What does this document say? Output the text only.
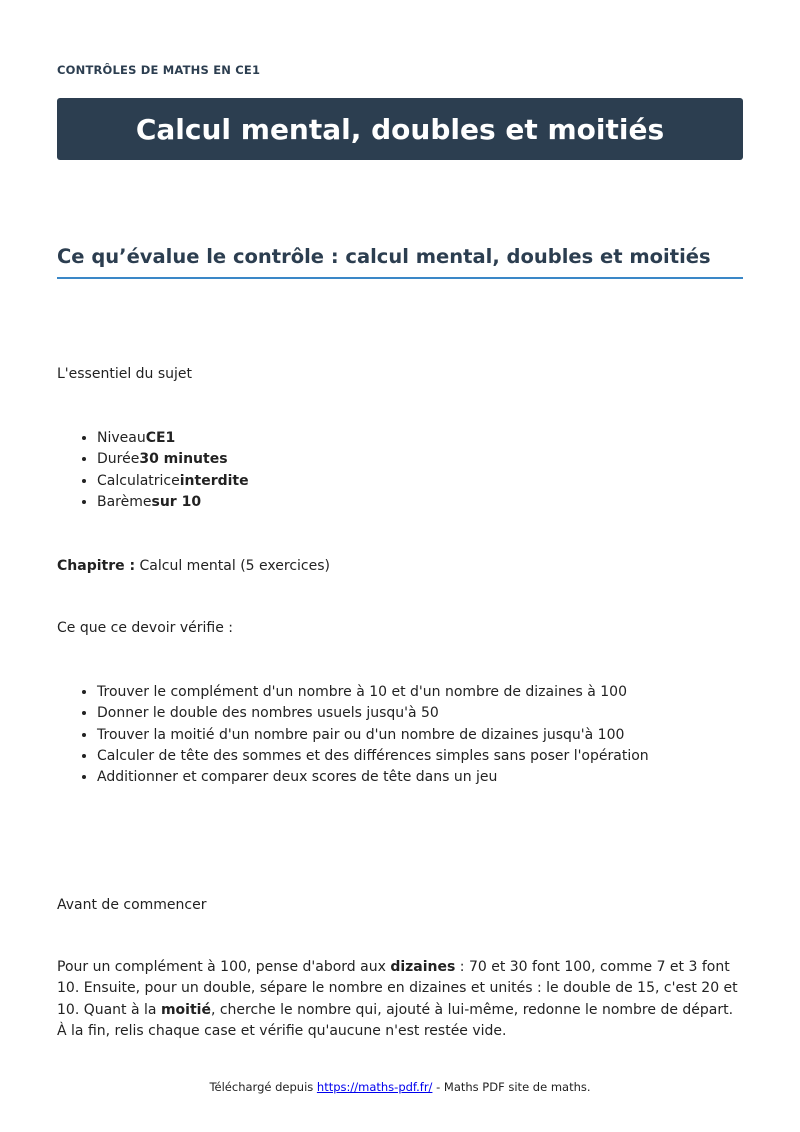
CONTRÔLES DE MATHS EN CE1
Calcul mental, doubles et moitiés
Ce qu’évalue le contrôle : calcul mental, doubles et moitiés

L'essentiel du sujet

• NiveauCE1
• Durée30 minutes
• Calculatriceinterdite
• Barèmesur 10

Chapitre : Calcul mental (5 exercices)

Ce que ce devoir vérifie :

• Trouver le complément d'un nombre à 10 et d'un nombre de dizaines à 100
• Donner le double des nombres usuels jusqu'à 50
• Trouver la moitié d'un nombre pair ou d'un nombre de dizaines jusqu'à 100
• Calculer de tête des sommes et des différences simples sans poser l'opération
• Additionner et comparer deux scores de tête dans un jeu

Avant de commencer

Pour un complément à 100, pense d'abord aux dizaines : 70 et 30 font 100, comme 7 et 3 font 10. Ensuite, pour un double, sépare le nombre en dizaines et unités : le double de 15, c'est 20 et 10. Quant à la moitié, cherche le nombre qui, ajouté à lui-même, redonne le nombre de départ. À la fin, relis chaque case et vérifie qu'aucune n'est restée vide.

Téléchargé depuis https://maths-pdf.fr/ - Maths PDF site de maths.
